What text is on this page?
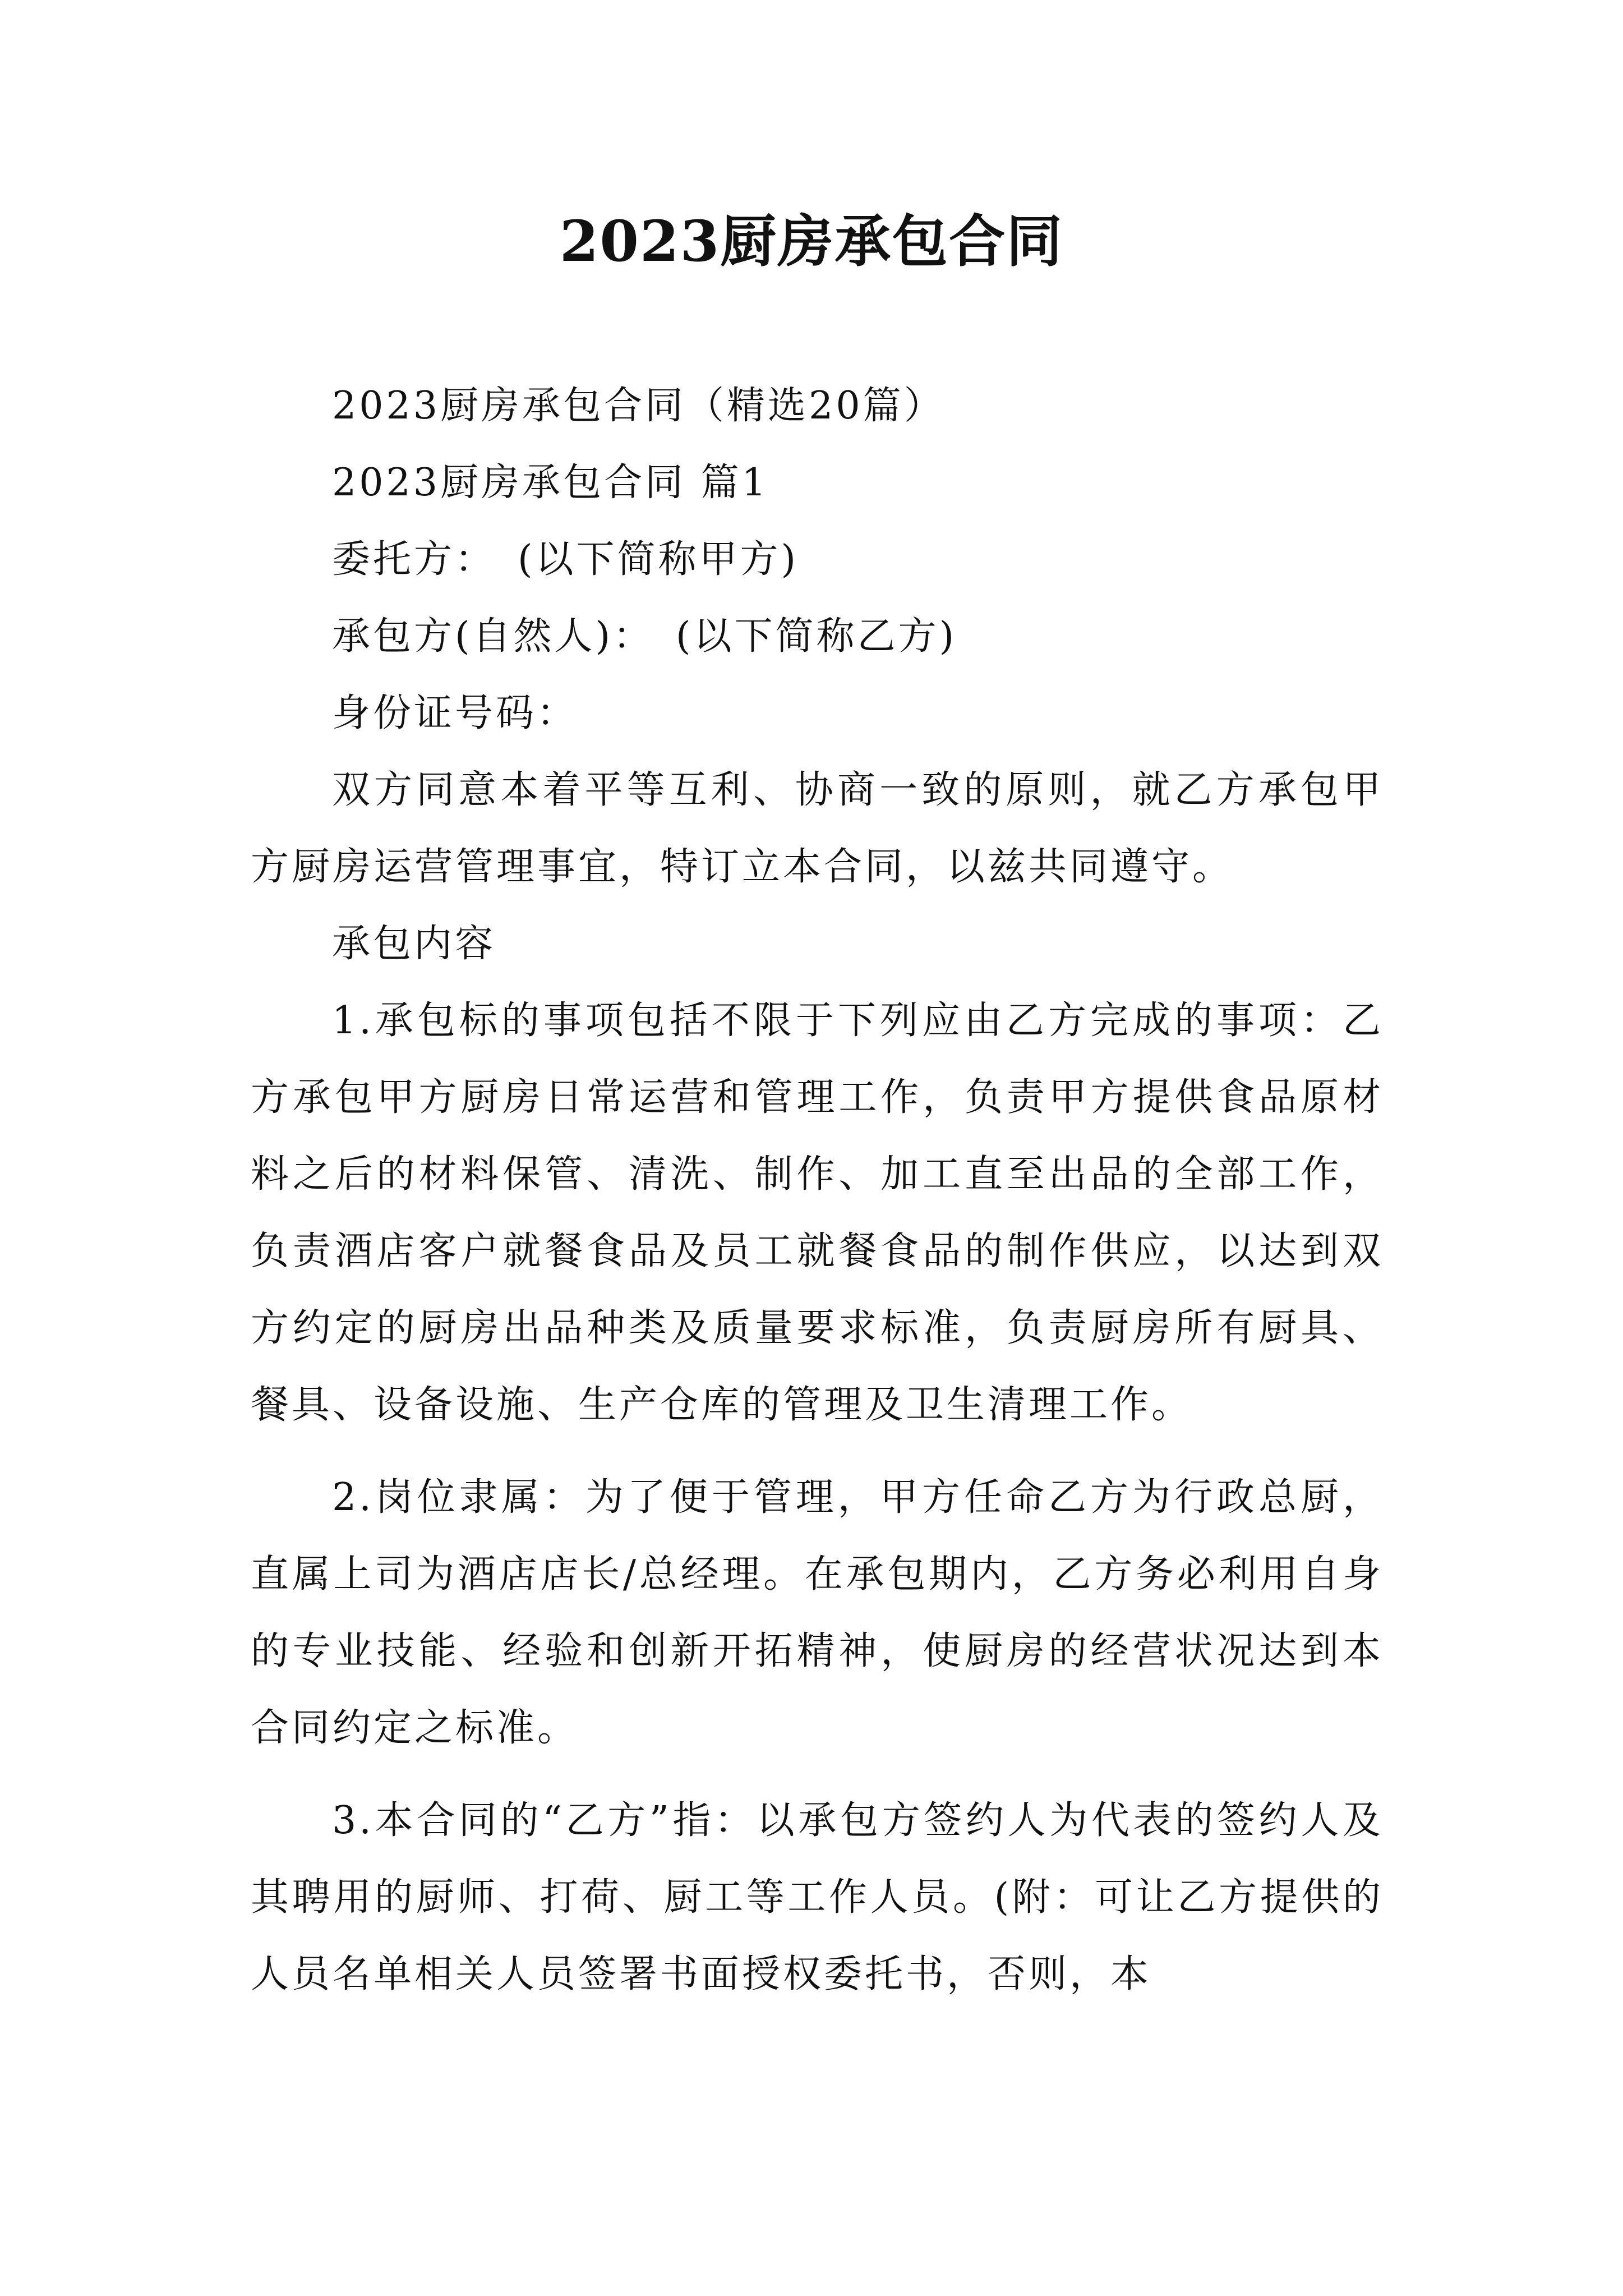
2023厨房承包合同

2023厨房承包合同（精选20篇）

2023厨房承包合同 篇1

委托方：　(以下简称甲方)

承包方(自然人)：　(以下简称乙方)

身份证号码：

双方同意本着平等互利、协商一致的原则，就乙方承包甲方厨房运营管理事宜，特订立本合同，以兹共同遵守。

承包内容

1.承包标的事项包括不限于下列应由乙方完成的事项：乙方承包甲方厨房日常运营和管理工作，负责甲方提供食品原材料之后的材料保管、清洗、制作、加工直至出品的全部工作，负责酒店客户就餐食品及员工就餐食品的制作供应，以达到双方约定的厨房出品种类及质量要求标准，负责厨房所有厨具、餐具、设备设施、生产仓库的管理及卫生清理工作。

2.岗位隶属：为了便于管理，甲方任命乙方为行政总厨，直属上司为酒店店长/总经理。在承包期内，乙方务必利用自身的专业技能、经验和创新开拓精神，使厨房的经营状况达到本合同约定之标准。

3.本合同的“乙方”指：以承包方签约人为代表的签约人及其聘用的厨师、打荷、厨工等工作人员。(附：可让乙方提供的人员名单相关人员签署书面授权委托书，否则，本
